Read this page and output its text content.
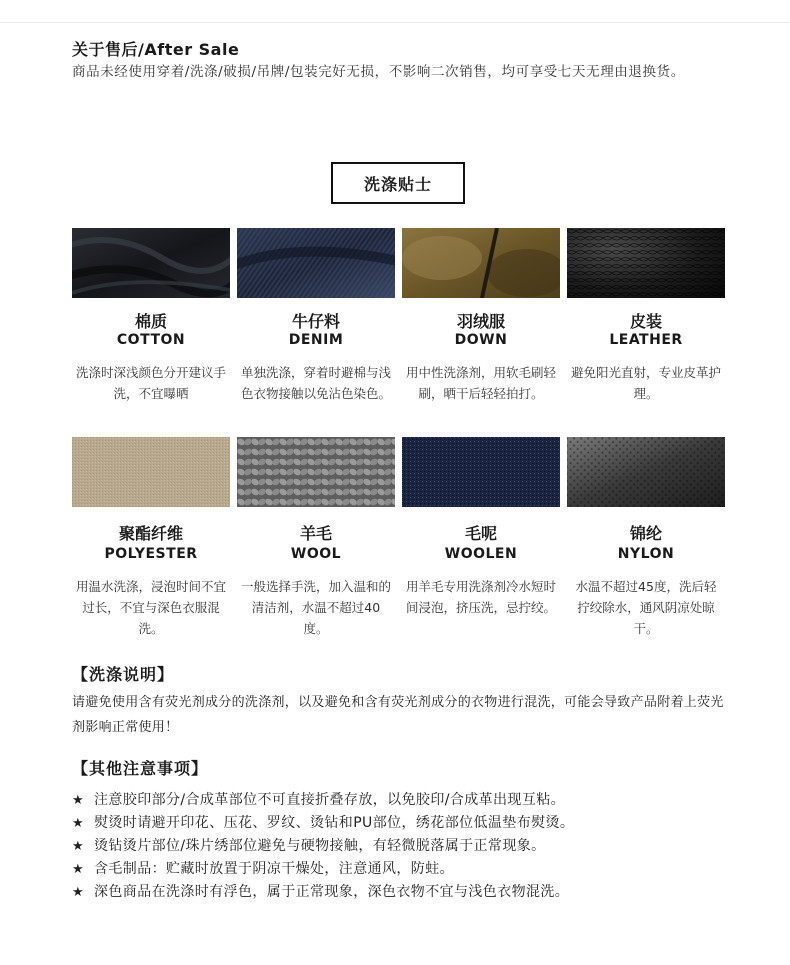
关于售后/After Sale
商品未经使用穿着/洗涤/破损/吊牌/包装完好无损，不影响二次销售，均可享受七天无理由退换货。
洗涤贴士
棉质
COTTON
洗涤时深浅颜色分开建议手洗，不宜曝晒
牛仔料
DENIM
单独洗涤，穿着时避棉与浅色衣物接触以免沾色染色。
羽绒服
DOWN
用中性洗涤剂，用软毛刷轻刷，晒干后轻轻拍打。
皮装
LEATHER
避免阳光直射，专业皮革护理。
聚酯纤维
POLYESTER
用温水洗涤，浸泡时间不宜过长，不宜与深色衣服混洗。
羊毛
WOOL
一般选择手洗，加入温和的清洁剂，水温不超过40度。
毛呢
WOOLEN
用羊毛专用洗涤剂冷水短时间浸泡，挤压洗，忌拧绞。
锦纶
NYLON
水温不超过45度，洗后轻拧绞除水，通风阴凉处晾干。
【洗涤说明】
请避免使用含有荧光剂成分的洗涤剂，以及避免和含有荧光剂成分的衣物进行混洗，可能会导致产品附着上荧光剂影响正常使用！
【其他注意事项】
★ 注意胶印部分/合成革部位不可直接折叠存放，以免胶印/合成革出现互粘。
★ 熨烫时请避开印花、压花、罗纹、烫钻和PU部位，绣花部位低温垫布熨烫。
★ 烫钻烫片部位/珠片绣部位避免与硬物接触，有轻微脱落属于正常现象。
★ 含毛制品：贮藏时放置于阴凉干燥处，注意通风，防蛀。
★ 深色商品在洗涤时有浮色，属于正常现象，深色衣物不宜与浅色衣物混洗。
